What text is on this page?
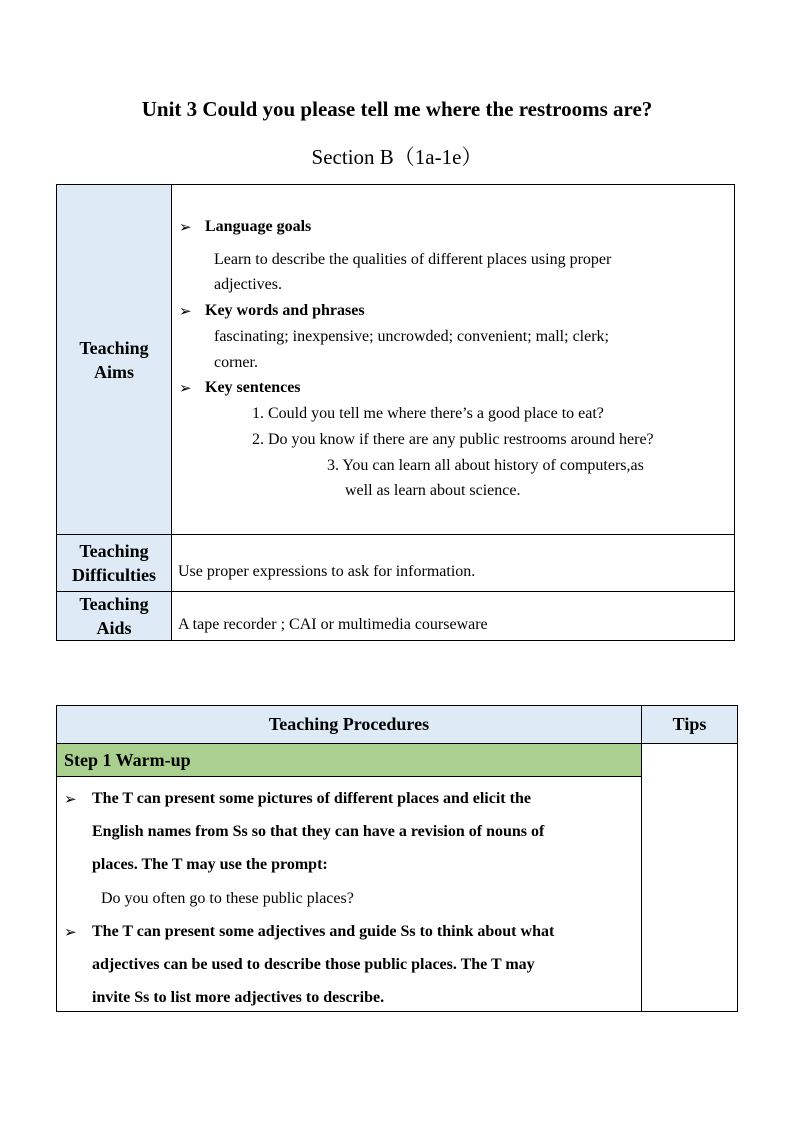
Unit 3 Could you please tell me where the restrooms are?
Section B（1a-1e）
Teaching
Aims
➢ Language goals
Learn to describe the qualities of different places using proper
adjectives.
➢ Key words and phrases
fascinating; inexpensive; uncrowded; convenient; mall; clerk;
corner.
➢ Key sentences
1. Could you tell me where there’s a good place to eat?
2. Do you know if there are any public restrooms around here?
3. You can learn all about history of computers,as
well as learn about science.
Teaching
Difficulties Use proper expressions to ask for information.
Teaching
Aids	A tape recorder ; CAI or multimedia courseware
Teaching Procedures	Tips
Step 1 Warm-up
➢ The T can present some pictures of different places and elicit the
English names from Ss so that they can have a revision of nouns of
places. The T may use the prompt:
Do you often go to these public places?
➢ The T can present some adjectives and guide Ss to think about what
adjectives can be used to describe those public places. The T may
invite Ss to list more adjectives to describe.
